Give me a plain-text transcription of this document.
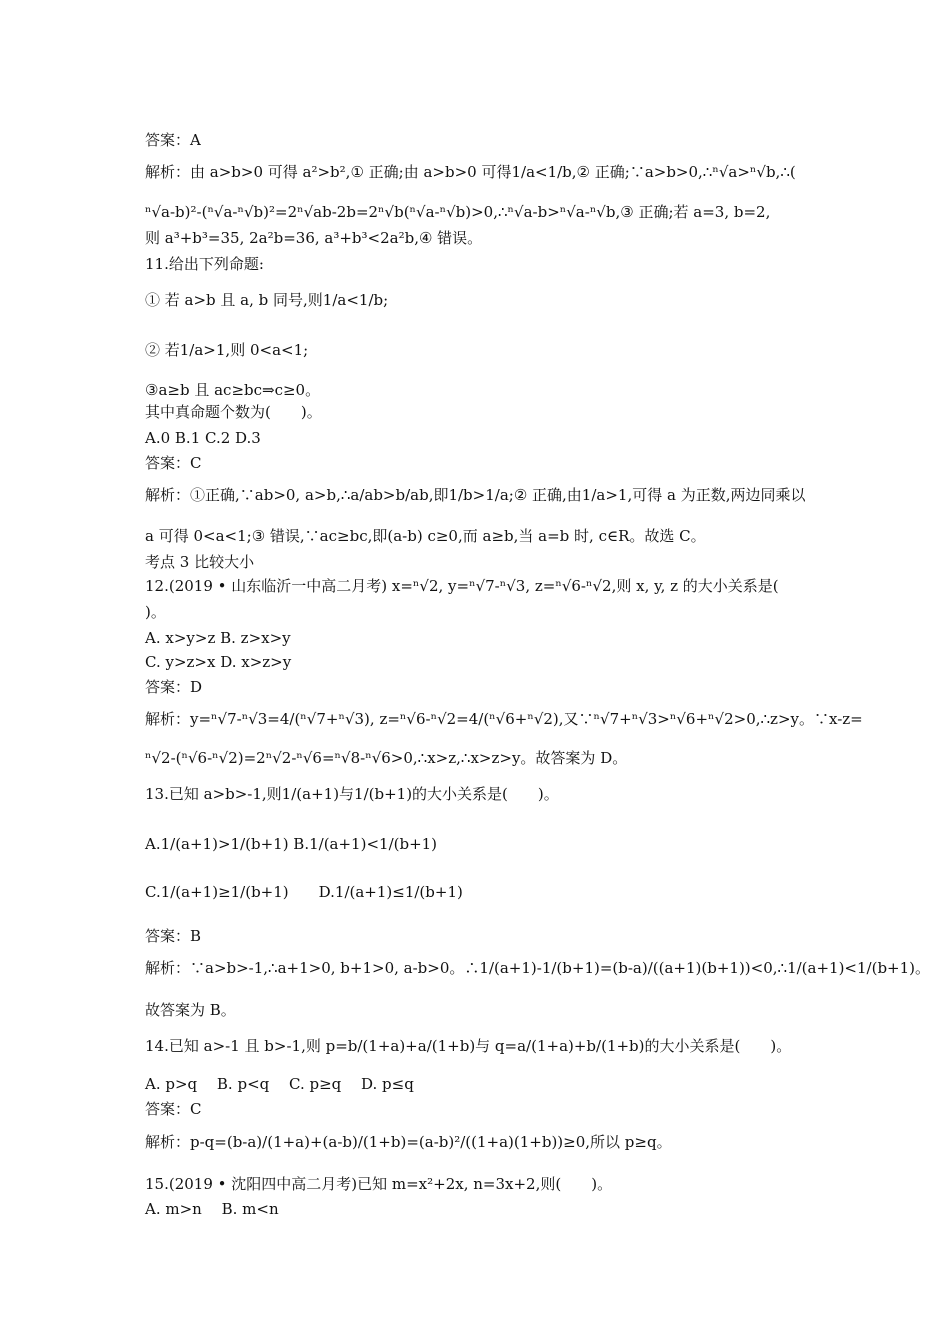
答案：A
解析：由 a>b>0 可得 a²>b²,① 正确;由 a>b>0 可得1/a<1/b,② 正确;∵a>b>0,∴ⁿ√a>ⁿ√b,∴(
ⁿ√a-b)²-(ⁿ√a-ⁿ√b)²=2ⁿ√ab-2b=2ⁿ√b(ⁿ√a-ⁿ√b)>0,∴ⁿ√a-b>ⁿ√a-ⁿ√b,③ 正确;若 a=3, b=2,
则 a³+b³=35, 2a²b=36, a³+b³<2a²b,④ 错误。
11.给出下列命题:
① 若 a>b 且 a, b 同号,则1/a<1/b;
② 若1/a>1,则 0<a<1;
③a≥b 且 ac≥bc⇒c≥0。
其中真命题个数为(　　)。
A.0 B.1 C.2 D.3
答案：C
解析：①正确,∵ab>0, a>b,∴a/ab>b/ab,即1/b>1/a;② 正确,由1/a>1,可得 a 为正数,两边同乘以
a 可得 0<a<1;③ 错误,∵ac≥bc,即(a-b) c≥0,而 a≥b,当 a=b 时, c∈R。故选 C。
考点 3 比较大小
12.(2019 • 山东临沂一中高二月考) x=ⁿ√2, y=ⁿ√7-ⁿ√3, z=ⁿ√6-ⁿ√2,则 x, y, z 的大小关系是(
)。
A. x>y>z B. z>x>y
C. y>z>x D. x>z>y
答案：D
解析：y=ⁿ√7-ⁿ√3=4/(ⁿ√7+ⁿ√3), z=ⁿ√6-ⁿ√2=4/(ⁿ√6+ⁿ√2),又∵ⁿ√7+ⁿ√3>ⁿ√6+ⁿ√2>0,∴z>y。∵x-z=
ⁿ√2-(ⁿ√6-ⁿ√2)=2ⁿ√2-ⁿ√6=ⁿ√8-ⁿ√6>0,∴x>z,∴x>z>y。故答案为 D。
13.已知 a>b>-1,则1/(a+1)与1/(b+1)的大小关系是(　　)。
A.1/(a+1)>1/(b+1) B.1/(a+1)<1/(b+1)
C.1/(a+1)≥1/(b+1)　　D.1/(a+1)≤1/(b+1)
答案：B
解析：∵a>b>-1,∴a+1>0, b+1>0, a-b>0。∴1/(a+1)-1/(b+1)=(b-a)/((a+1)(b+1))<0,∴1/(a+1)<1/(b+1)。
故答案为 B。
14.已知 a>-1 且 b>-1,则 p=b/(1+a)+a/(1+b)与 q=a/(1+a)+b/(1+b)的大小关系是(　　)。
A. p>q　 B. p<q　 C. p≥q　 D. p≤q
答案：C
解析：p-q=(b-a)/(1+a)+(a-b)/(1+b)=(a-b)²/((1+a)(1+b))≥0,所以 p≥q。
15.(2019 • 沈阳四中高二月考)已知 m=x²+2x, n=3x+2,则(　　)。
A. m>n　 B. m<n
